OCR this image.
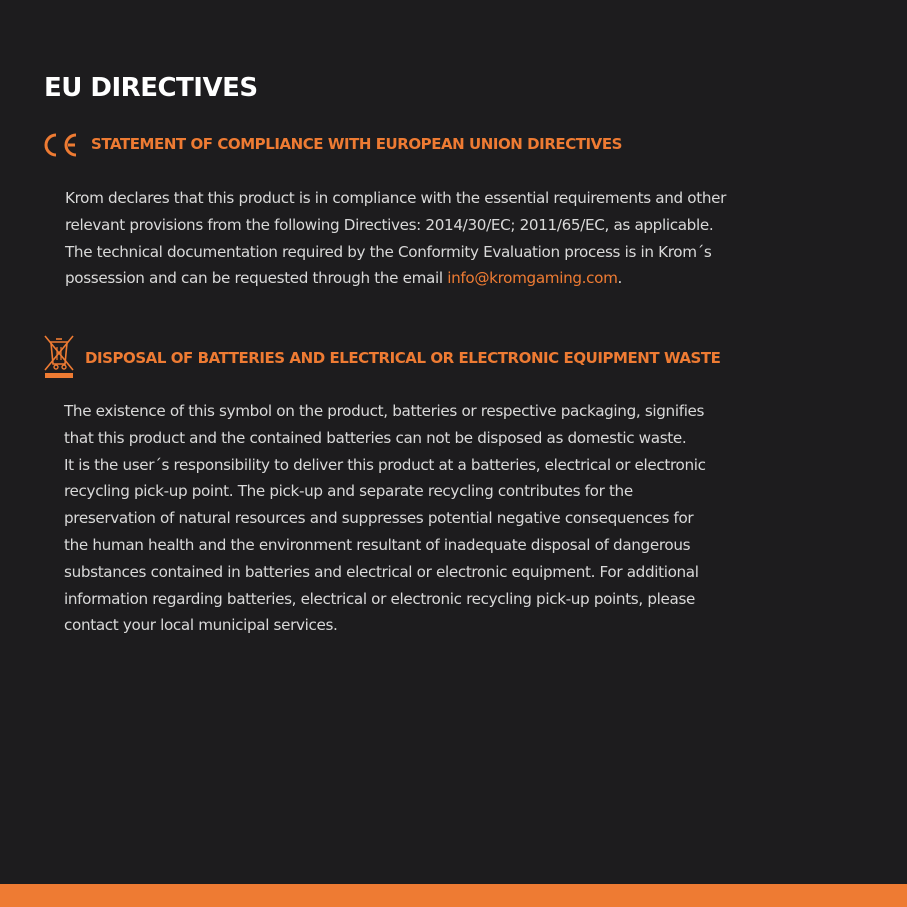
EU DIRECTIVES
STATEMENT OF COMPLIANCE WITH EUROPEAN UNION DIRECTIVES

Krom declares that this product is in compliance with the essential requirements and other
relevant provisions from the following Directives: 2014/30/EC; 2011/65/EC, as applicable.
The technical documentation required by the Conformity Evaluation process is in Krom´s
possession and can be requested through the email info@kromgaming.com.

DISPOSAL OF BATTERIES AND ELECTRICAL OR ELECTRONIC EQUIPMENT WASTE

The existence of this symbol on the product, batteries or respective packaging, signifies
that this product and the contained batteries can not be disposed as domestic waste.
It is the user´s responsibility to deliver this product at a batteries, electrical or electronic
recycling pick-up point. The pick-up and separate recycling contributes for the
preservation of natural resources and suppresses potential negative consequences for
the human health and the environment resultant of inadequate disposal of dangerous
substances contained in batteries and electrical or electronic equipment. For additional
information regarding batteries, electrical or electronic recycling pick-up points, please
contact your local municipal services.
